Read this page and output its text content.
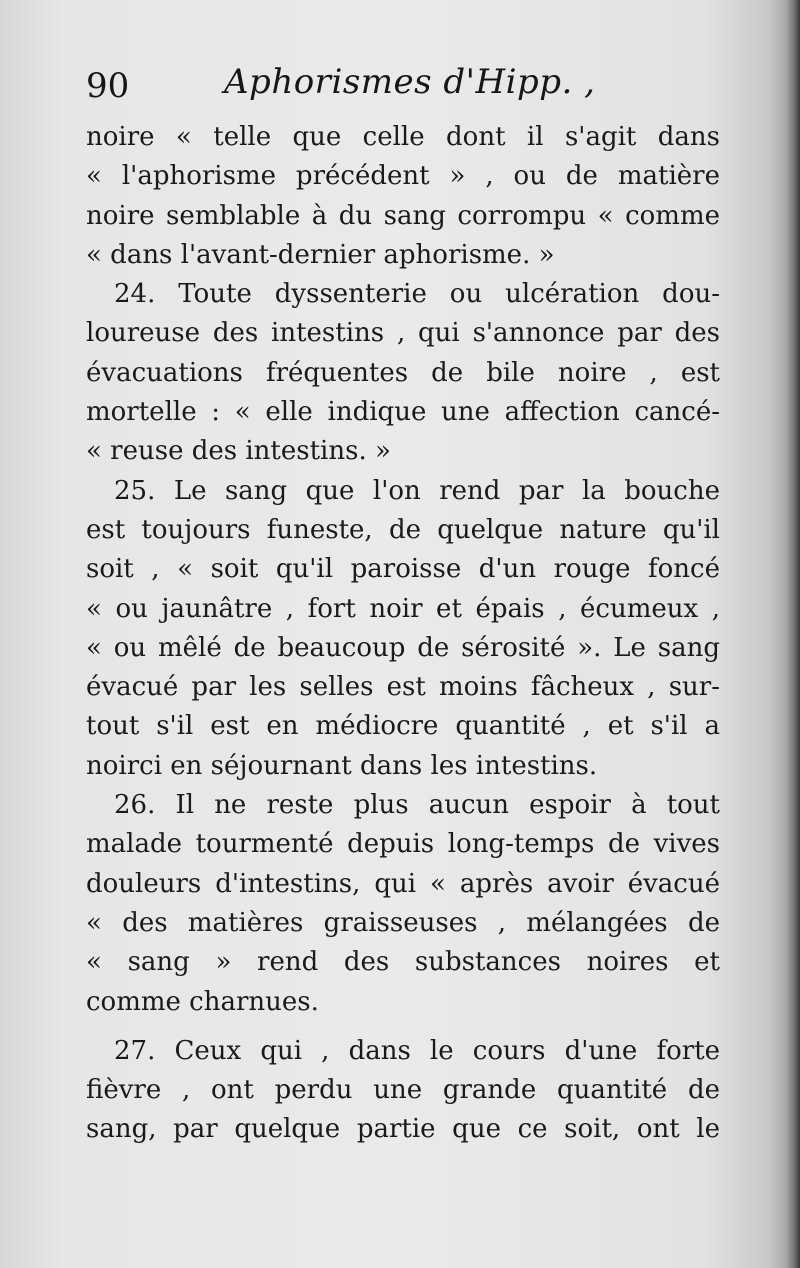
90	Aphorismes d'Hipp. ,
noire « telle que celle dont il s'agit dans
« l'aphorisme précédent » , ou de matière
noire semblable à du sang corrompu « comme
« dans l'avant-dernier aphorisme. »
24. Toute dyssenterie ou ulcération dou-
loureuse des intestins , qui s'annonce par des
évacuations fréquentes de bile noire , est
mortelle : « elle indique une affection cancé-
« reuse des intestins. »
25. Le sang que l'on rend par la bouche
est toujours funeste, de quelque nature qu'il
soit , « soit qu'il paroisse d'un rouge foncé
« ou jaunâtre , fort noir et épais , écumeux ,
« ou mêlé de beaucoup de sérosité ». Le sang
évacué par les selles est moins fâcheux , sur-
tout s'il est en médiocre quantité , et s'il a
noirci en séjournant dans les intestins.
26. Il ne reste plus aucun espoir à tout
malade tourmenté depuis long-temps de vives
douleurs d'intestins, qui « après avoir évacué
« des matières graisseuses , mélangées de
« sang » rend des substances noires et
comme charnues.
27. Ceux qui , dans le cours d'une forte
fièvre , ont perdu une grande quantité de
sang, par quelque partie que ce soit, ont le
